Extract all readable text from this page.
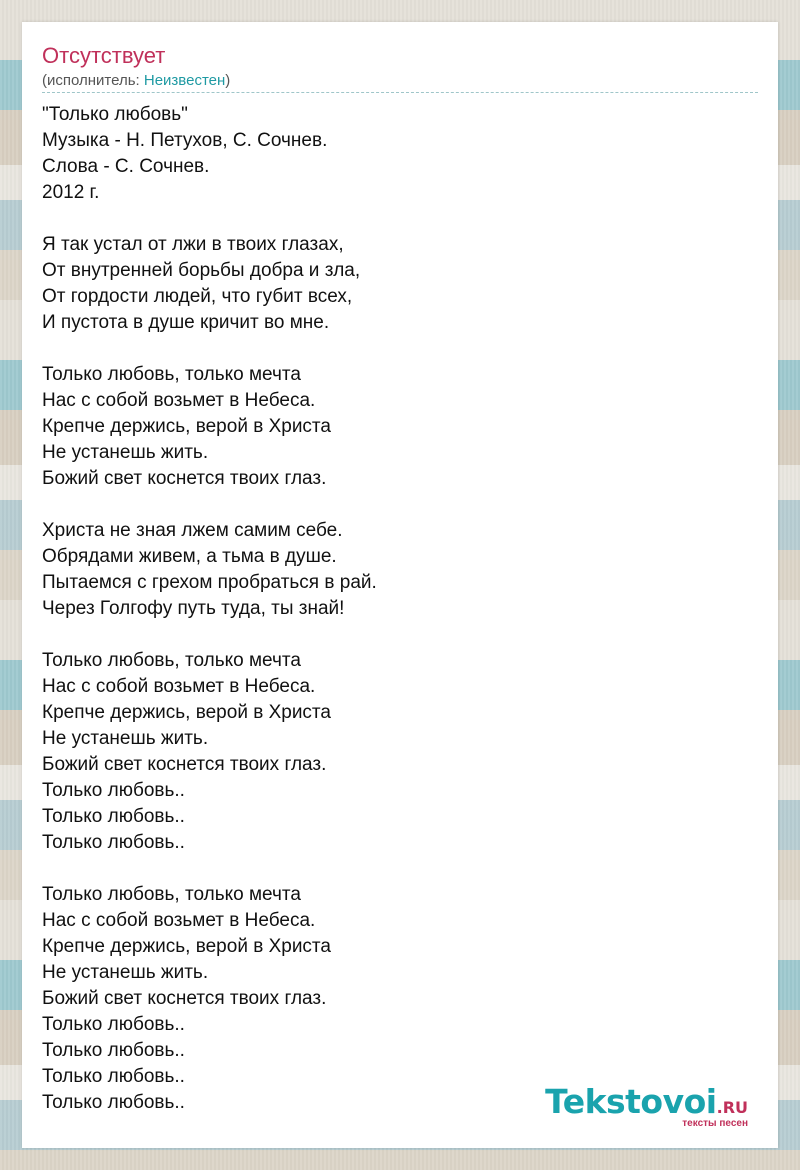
Отсутствует
(исполнитель: Неизвестен)
"Только любовь"
Музыка - Н. Петухов, С. Сочнев.
Слова - С. Сочнев.
2012 г.
Я так устал от лжи в твоих глазах,
От внутренней борьбы добра и зла,
От гордости людей, что губит всех,
И пустота в душе кричит во мне.
Только любовь, только мечта
Нас с собой возьмет в Небеса.
Крепче держись, верой в Христа
Не устанешь жить.
Божий свет коснется твоих глаз.
Христа не зная лжем самим себе.
Обрядами живем, а тьма в душе.
Пытаемся с грехом пробраться в рай.
Через Голгофу путь туда, ты знай!
Только любовь, только мечта
Нас с собой возьмет в Небеса.
Крепче держись, верой в Христа
Не устанешь жить.
Божий свет коснется твоих глаз.
Только любовь..
Только любовь..
Только любовь..
Только любовь, только мечта
Нас с собой возьмет в Небеса.
Крепче держись, верой в Христа
Не устанешь жить.
Божий свет коснется твоих глаз.
Только любовь..
Только любовь..
Только любовь..
Только любовь..	Tekstovoi.RU
тексты песен
